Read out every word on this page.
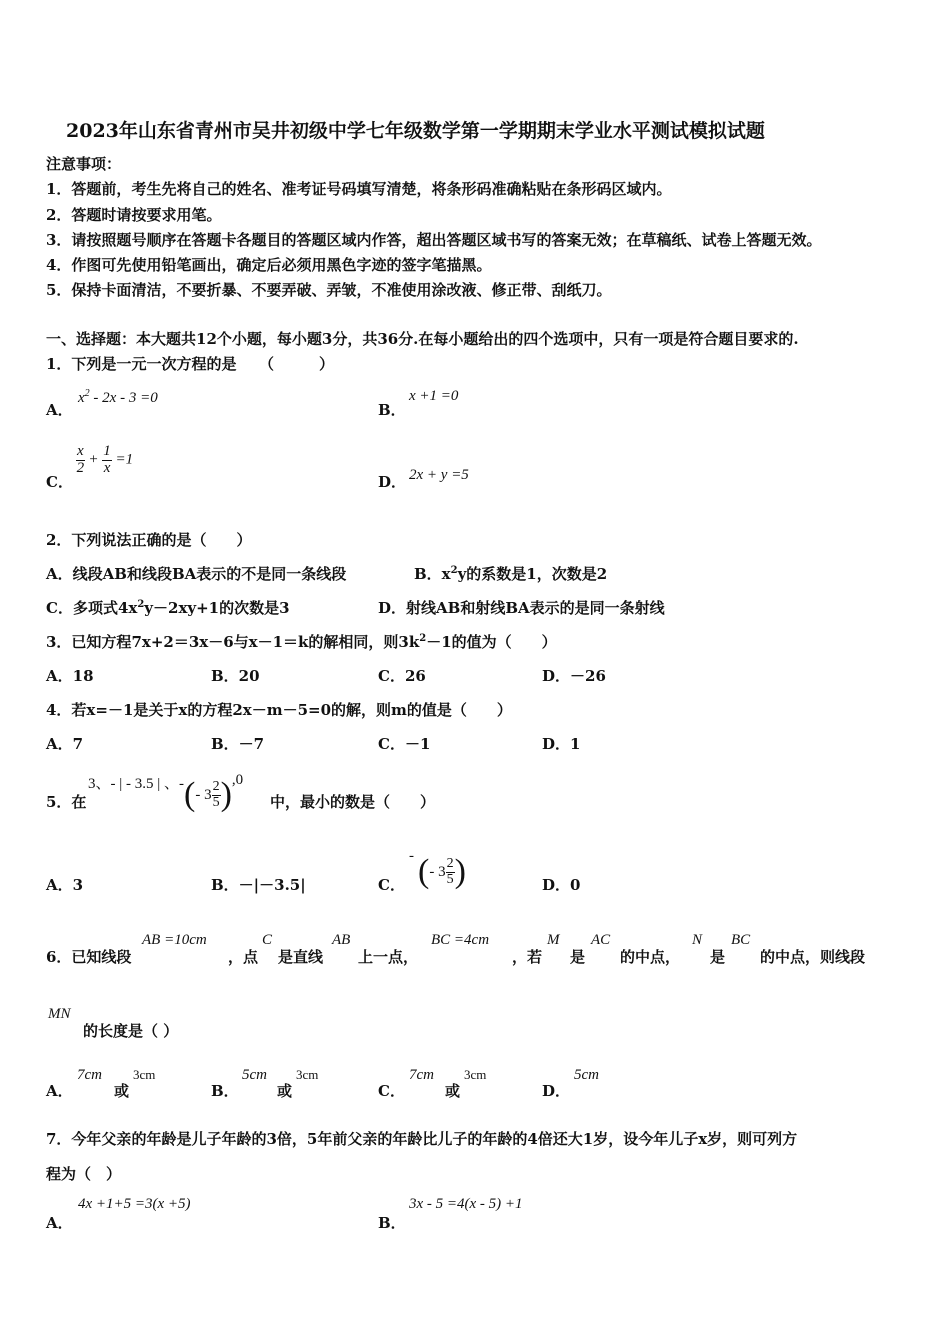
2023年山东省青州市吴井初级中学七年级数学第一学期期末学业水平测试模拟试题
注意事项：
1．答题前，考生先将自己的姓名、准考证号码填写清楚，将条形码准确粘贴在条形码区域内。
2．答题时请按要求用笔。
3．请按照题号顺序在答题卡各题目的答题区域内作答，超出答题区域书写的答案无效；在草稿纸、试卷上答题无效。
4．作图可先使用铅笔画出，确定后必须用黑色字迹的签字笔描黑。
5．保持卡面清洁，不要折暴、不要弄破、弄皱，不准使用涂改液、修正带、刮纸刀。
一、选择题：本大题共12个小题，每小题3分，共36分.在每小题给出的四个选项中，只有一项是符合题目要求的.
1．下列是一元一次方程的是　　（　　　）
A．
$x^2 - 2x - 3 =0$
B．
x +1 =0
C．
$\frac{x}{2} + \frac{1}{x} =1$
D． 2x + y =5
2．下列说法正确的是（　　）
A．线段AB和线段BA表示的不是同一条线段	B．$x^2y$的系数是1，次数是2
C．多项式$4x^2y-2xy+1$的次数是3	D．射线AB和射线BA表示的是同一条射线
3．已知方程7x+2＝3x－6与x－1＝k的解相同，则$3k^2-1$的值为（　　）
A．18	B．20	C．26	D．－26
4．若x=－1是关于x的方程2x－m－5=0的解，则m的值是（　　）
A．7	B．－7	C．－1	D．1
5．在
3、- | - 3.5 | 、- ( - $3 \frac{2}{5}$ ) ,0
中，最小的数是（　　）
A．3	B．－|－3.5|	C．
- ( - $3 \frac{2}{5}$ )	D．0
6．已知线段
AB =10cm
，点
C
是直线
AB
上一点，
BC =4cm
，若
M
是
AC
的中点，
N
是
BC
的中点，则线段
MN
的长度是（ ）
A．
7cm
或
3cm
B．
5cm
或
3cm
C．
7cm
或
3cm
D．
5cm
7．今年父亲的年龄是儿子年龄的3倍，5年前父亲的年龄比儿子的年龄的4倍还大1岁，设今年儿子x岁，则可列方
程为（　）
A．
4x +1+5 =3(x +5)
B．
3x - 5 =4(x - 5) +1
